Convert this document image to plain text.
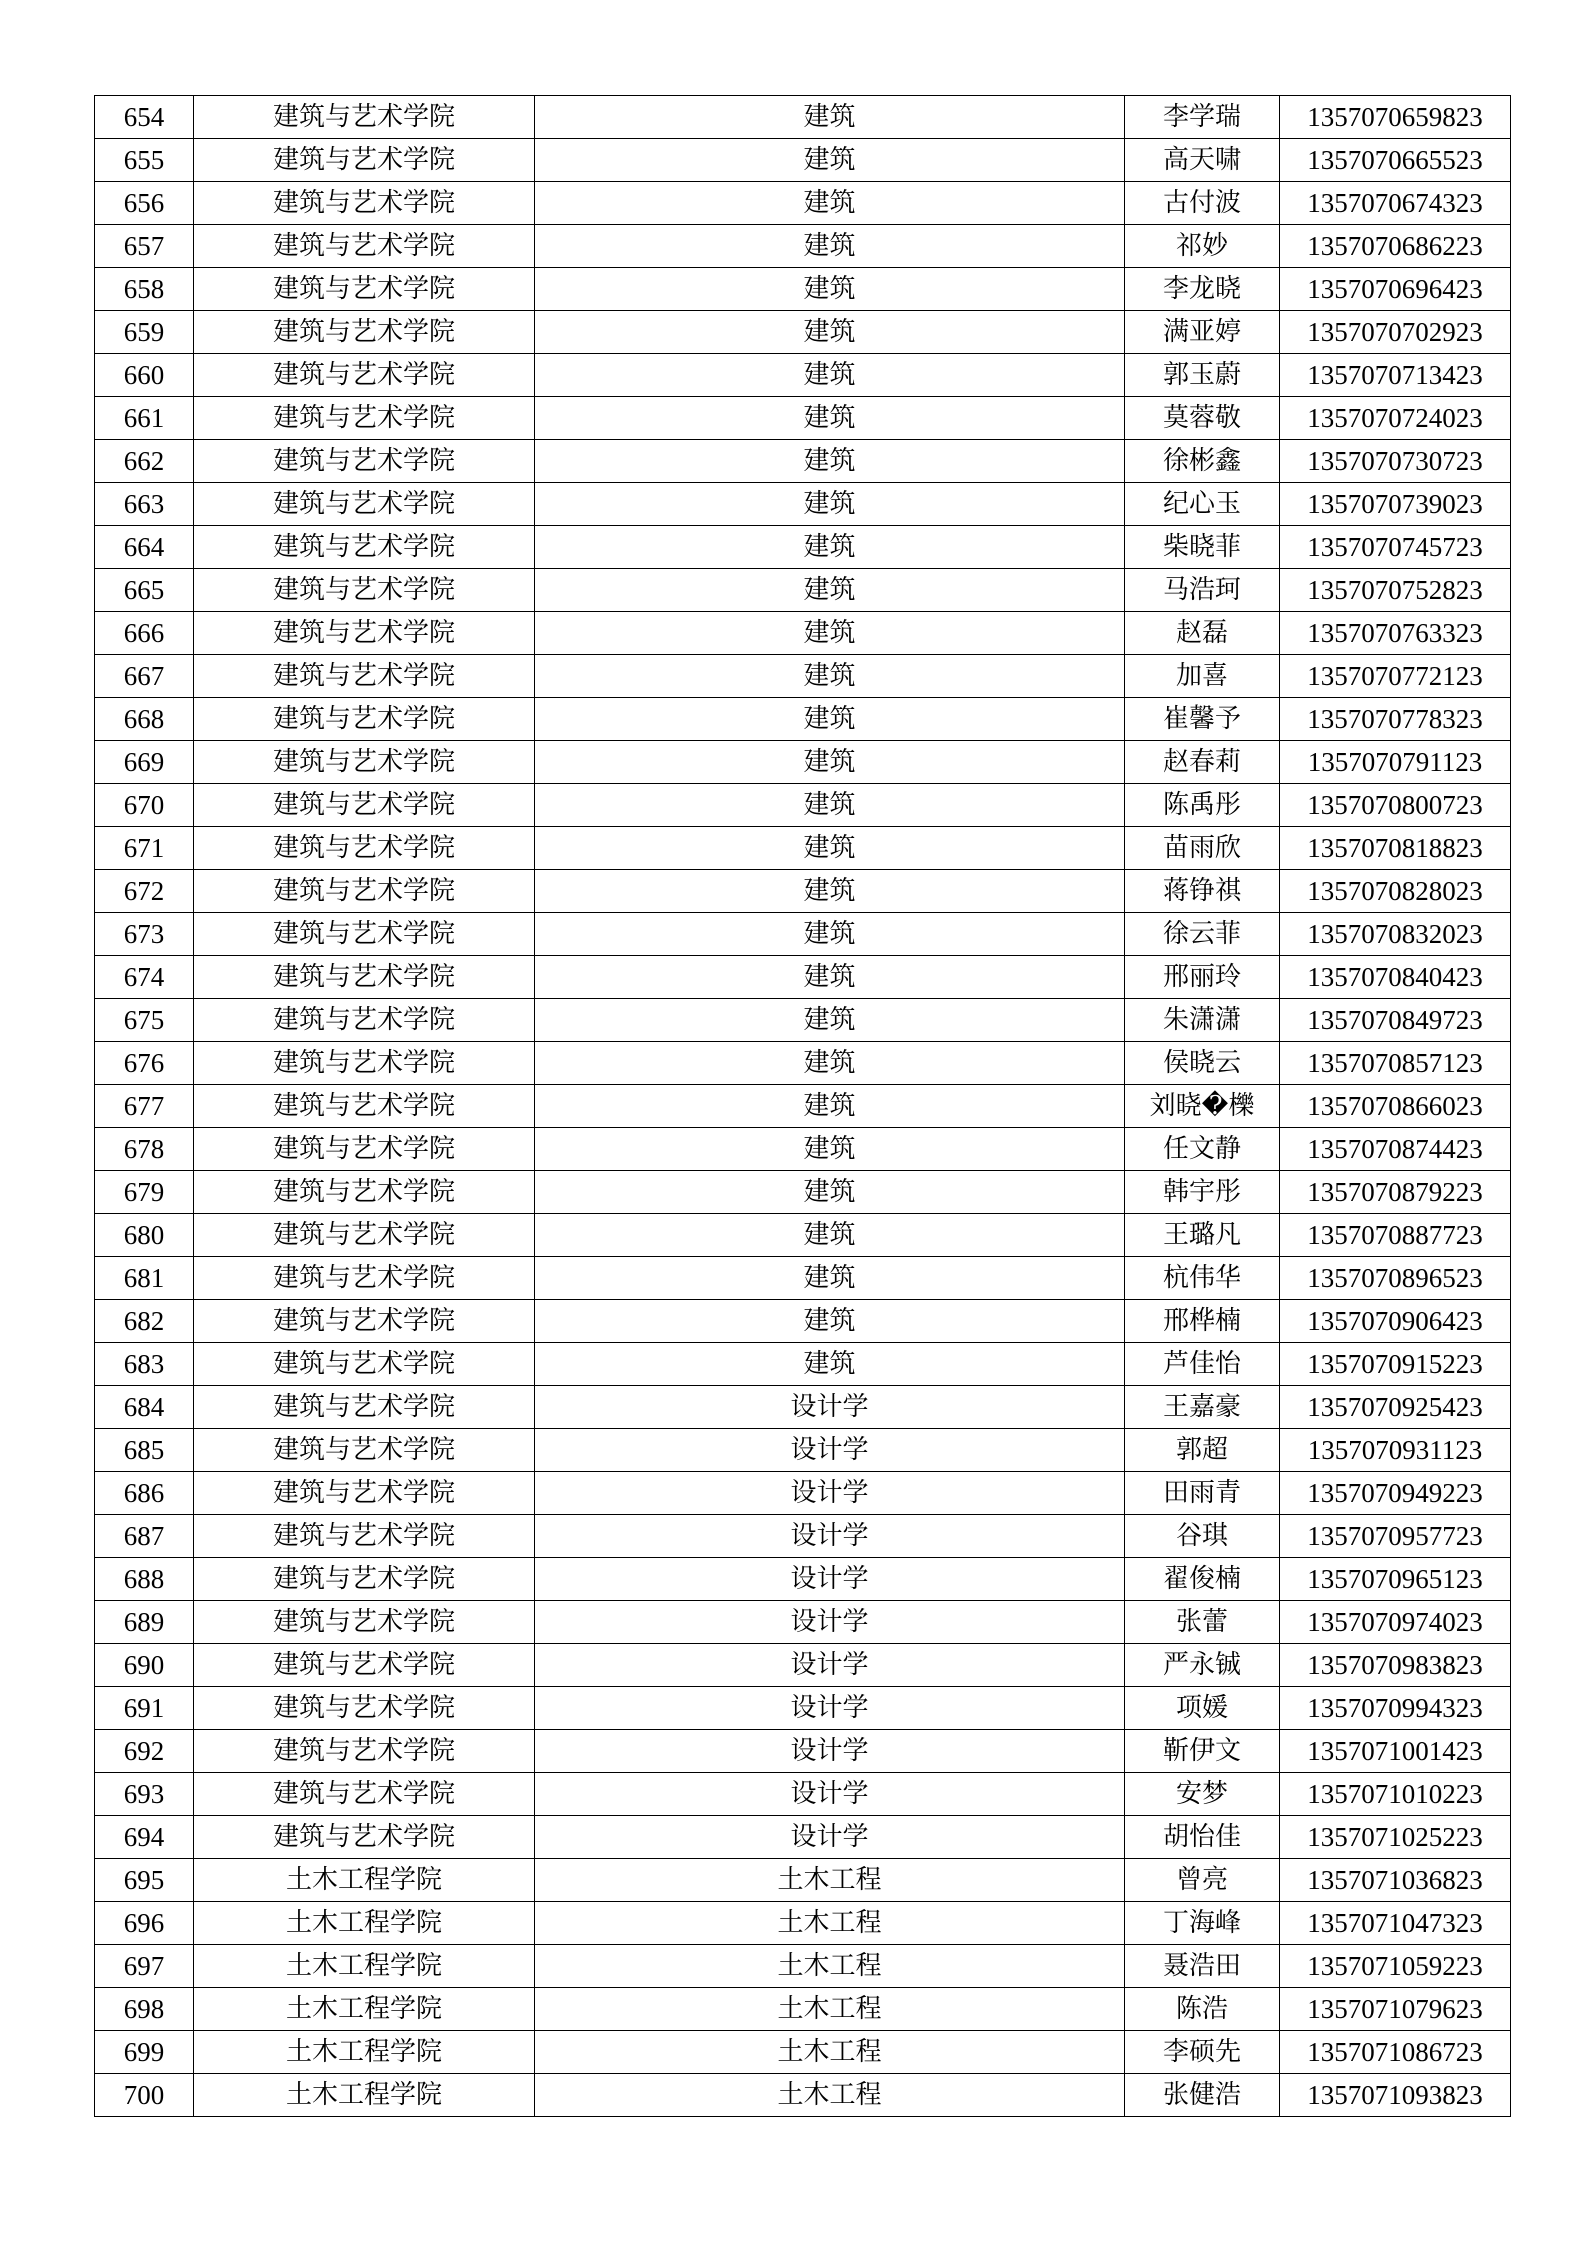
654	建筑与艺术学院	建筑	李学瑞	1357070659823
655	建筑与艺术学院	建筑	高天啸	1357070665523
656	建筑与艺术学院	建筑	古付波	1357070674323
657	建筑与艺术学院	建筑	祁妙	1357070686223
658	建筑与艺术学院	建筑	李龙晓	1357070696423
659	建筑与艺术学院	建筑	满亚婷	1357070702923
660	建筑与艺术学院	建筑	郭玉蔚	1357070713423
661	建筑与艺术学院	建筑	莫蓉敬	1357070724023
662	建筑与艺术学院	建筑	徐彬鑫	1357070730723
663	建筑与艺术学院	建筑	纪心玉	1357070739023
664	建筑与艺术学院	建筑	柴晓菲	1357070745723
665	建筑与艺术学院	建筑	马浩珂	1357070752823
666	建筑与艺术学院	建筑	赵磊	1357070763323
667	建筑与艺术学院	建筑	加喜	1357070772123
668	建筑与艺术学院	建筑	崔馨予	1357070778323
669	建筑与艺术学院	建筑	赵春莉	1357070791123
670	建筑与艺术学院	建筑	陈禹彤	1357070800723
671	建筑与艺术学院	建筑	苗雨欣	1357070818823
672	建筑与艺术学院	建筑	蒋铮祺	1357070828023
673	建筑与艺术学院	建筑	徐云菲	1357070832023
674	建筑与艺术学院	建筑	邢丽玲	1357070840423
675	建筑与艺术学院	建筑	朱潇潇	1357070849723
676	建筑与艺术学院	建筑	侯晓云	1357070857123
677	建筑与艺术学院	建筑	刘晓�櫟	1357070866023
678	建筑与艺术学院	建筑	任文静	1357070874423
679	建筑与艺术学院	建筑	韩宇彤	1357070879223
680	建筑与艺术学院	建筑	王璐凡	1357070887723
681	建筑与艺术学院	建筑	杭伟华	1357070896523
682	建筑与艺术学院	建筑	邢桦楠	1357070906423
683	建筑与艺术学院	建筑	芦佳怡	1357070915223
684	建筑与艺术学院	设计学	王嘉豪	1357070925423
685	建筑与艺术学院	设计学	郭超	1357070931123
686	建筑与艺术学院	设计学	田雨青	1357070949223
687	建筑与艺术学院	设计学	谷琪	1357070957723
688	建筑与艺术学院	设计学	翟俊楠	1357070965123
689	建筑与艺术学院	设计学	张蕾	1357070974023
690	建筑与艺术学院	设计学	严永铖	1357070983823
691	建筑与艺术学院	设计学	项媛	1357070994323
692	建筑与艺术学院	设计学	靳伊文	1357071001423
693	建筑与艺术学院	设计学	安梦	1357071010223
694	建筑与艺术学院	设计学	胡怡佳	1357071025223
695	土木工程学院	土木工程	曾亮	1357071036823
696	土木工程学院	土木工程	丁海峰	1357071047323
697	土木工程学院	土木工程	聂浩田	1357071059223
698	土木工程学院	土木工程	陈浩	1357071079623
699	土木工程学院	土木工程	李硕先	1357071086723
700	土木工程学院	土木工程	张健浩	1357071093823
